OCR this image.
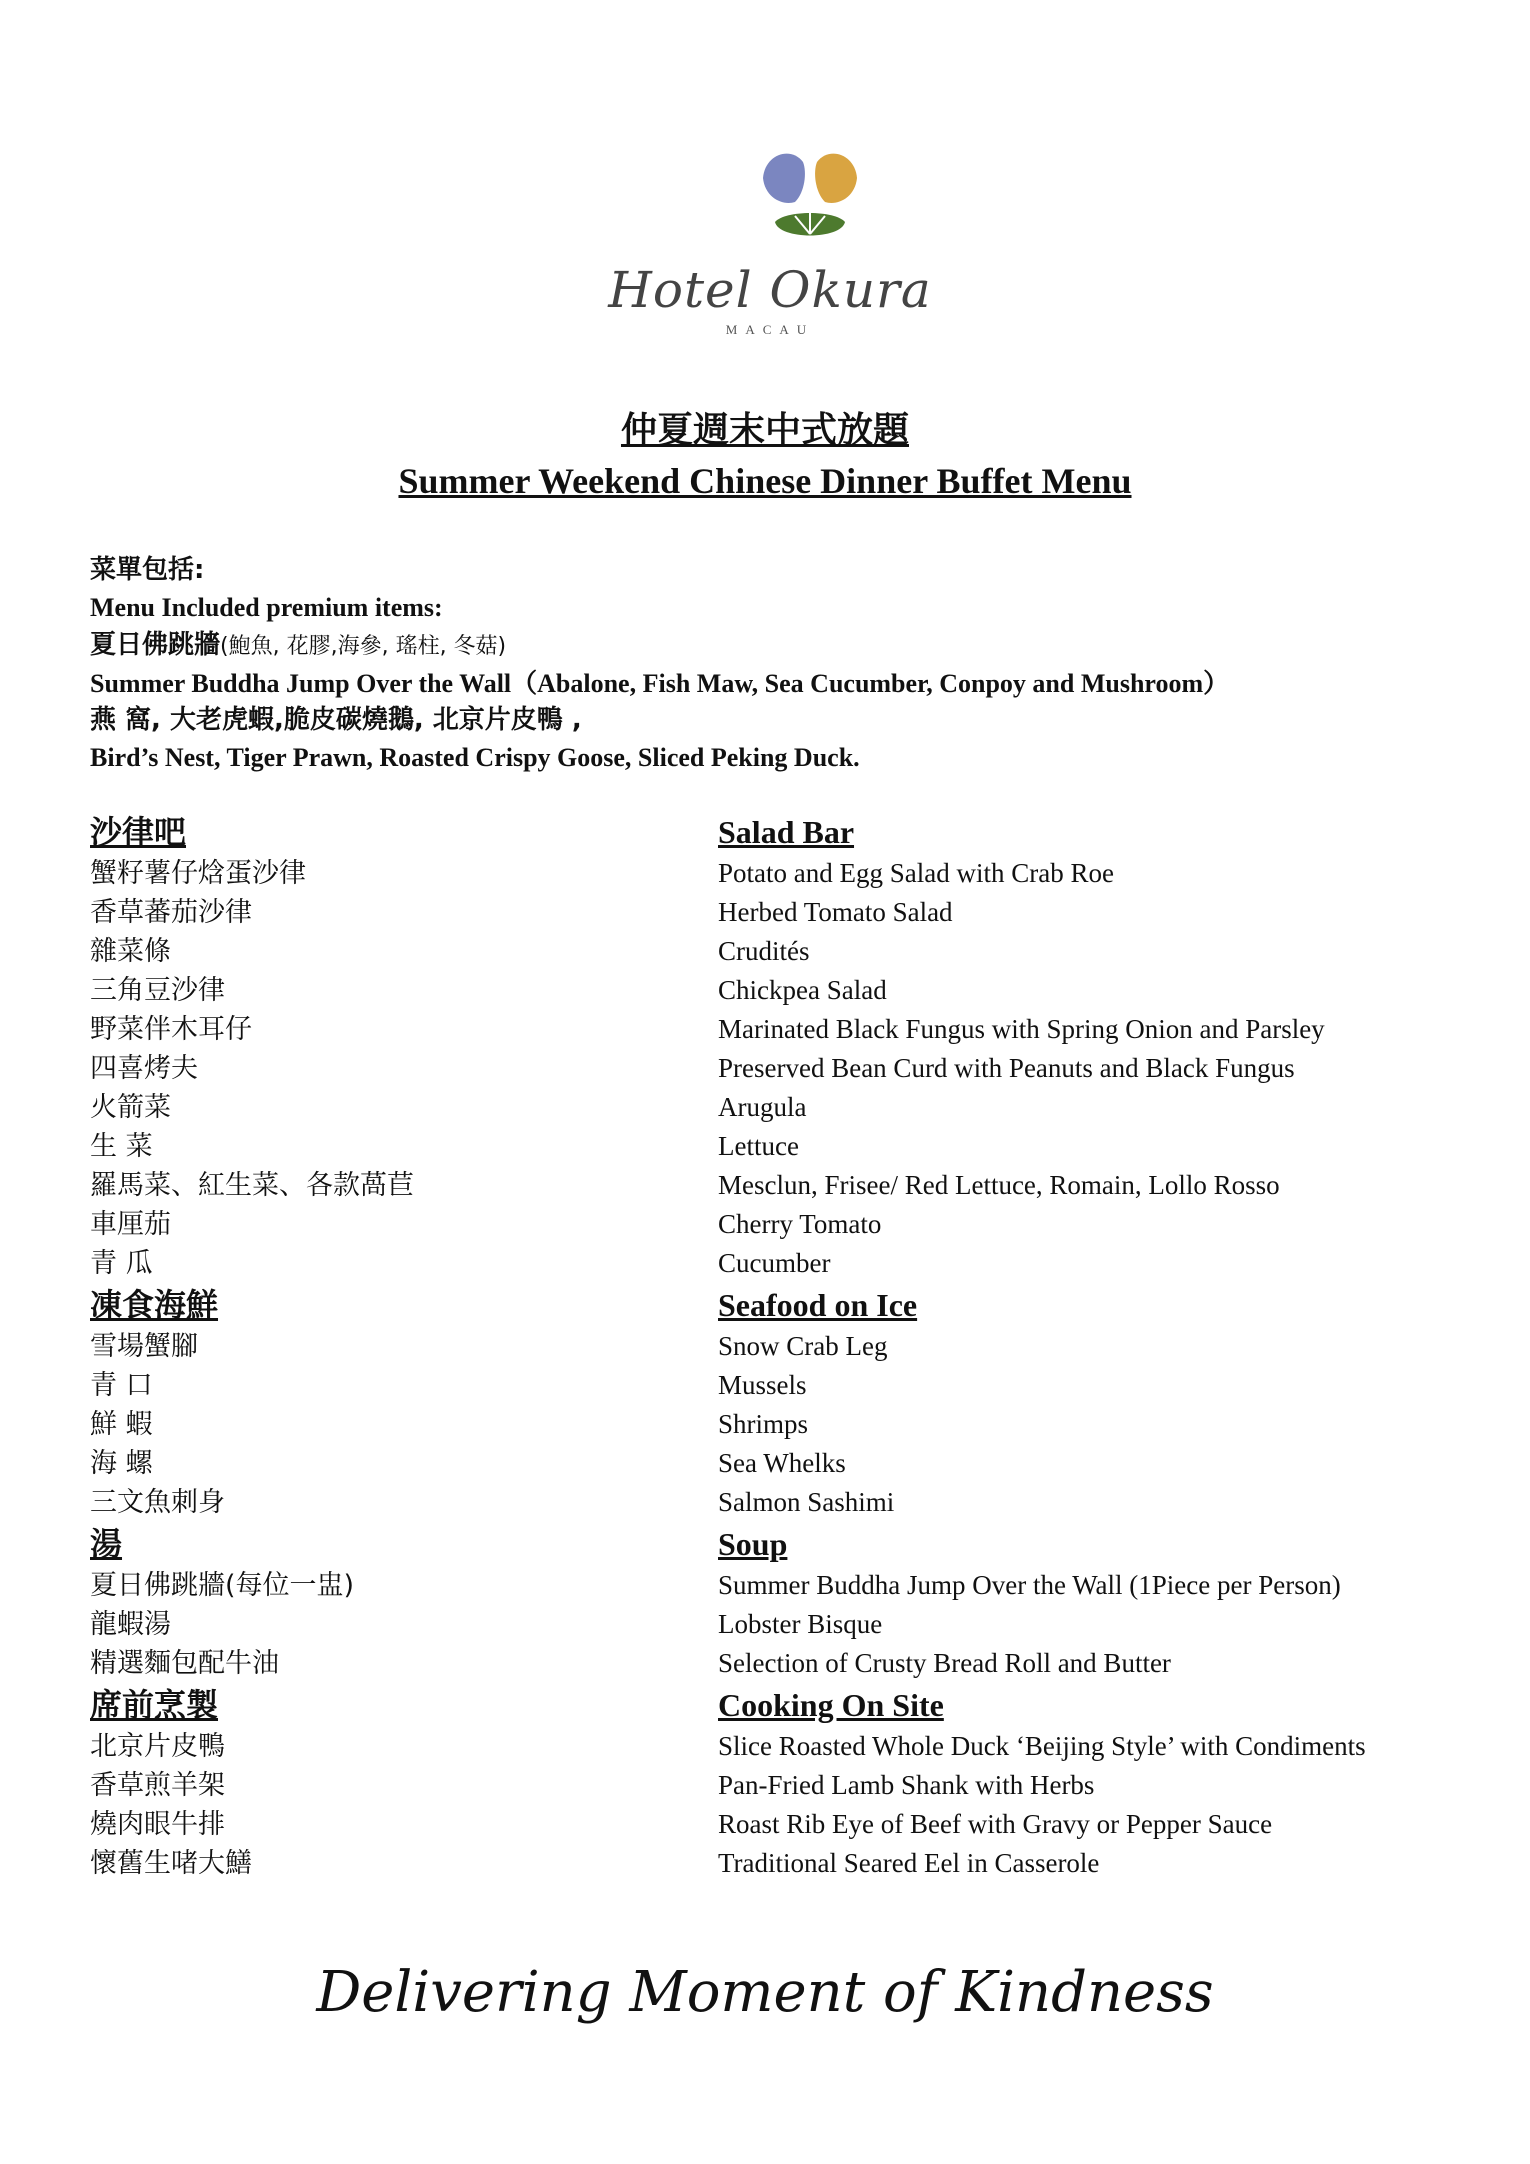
Hotel Okura
MACAU
仲夏週末中式放題
Summer Weekend Chinese Dinner Buffet Menu
菜單包括:
Menu Included premium items:
夏日佛跳牆(鮑魚, 花膠,海參, 瑤柱, 冬菇)
Summer Buddha Jump Over the Wall（Abalone, Fish Maw, Sea Cucumber, Conpoy and Mushroom）
燕 窩, 大老虎蝦,脆皮碳燒鵝, 北京片皮鴨 ,
Bird’s Nest, Tiger Prawn, Roasted Crispy Goose, Sliced Peking Duck.
沙律吧
蟹籽薯仔焓蛋沙律
香草蕃茄沙律
雜菜條
三角豆沙律
野菜伴木耳仔
四喜烤夫
火箭菜
生 菜
羅馬菜、紅生菜、各款萵苣
車厘茄
青 瓜
凍食海鮮
雪場蟹腳
青 口
鮮 蝦
海 螺
三文魚刺身
湯
夏日佛跳牆(每位一盅)
龍蝦湯
精選麵包配牛油
席前烹製
北京片皮鴨
香草煎羊架
燒肉眼牛排
懷舊生啫大鱔
Salad Bar
Potato and Egg Salad with Crab Roe
Herbed Tomato Salad
Crudités
Chickpea Salad
Marinated Black Fungus with Spring Onion and Parsley
Preserved Bean Curd with Peanuts and Black Fungus
Arugula
Lettuce
Mesclun, Frisee/ Red Lettuce, Romain, Lollo Rosso
Cherry Tomato
Cucumber
Seafood on Ice
Snow Crab Leg
Mussels
Shrimps
Sea Whelks
Salmon Sashimi
Soup
Summer Buddha Jump Over the Wall (1Piece per Person)
Lobster Bisque
Selection of Crusty Bread Roll and Butter
Cooking On Site
Slice Roasted Whole Duck ‘Beijing Style’ with Condiments
Pan-Fried Lamb Shank with Herbs
Roast Rib Eye of Beef with Gravy or Pepper Sauce
Traditional Seared Eel in Casserole
Delivering Moment of Kindness
